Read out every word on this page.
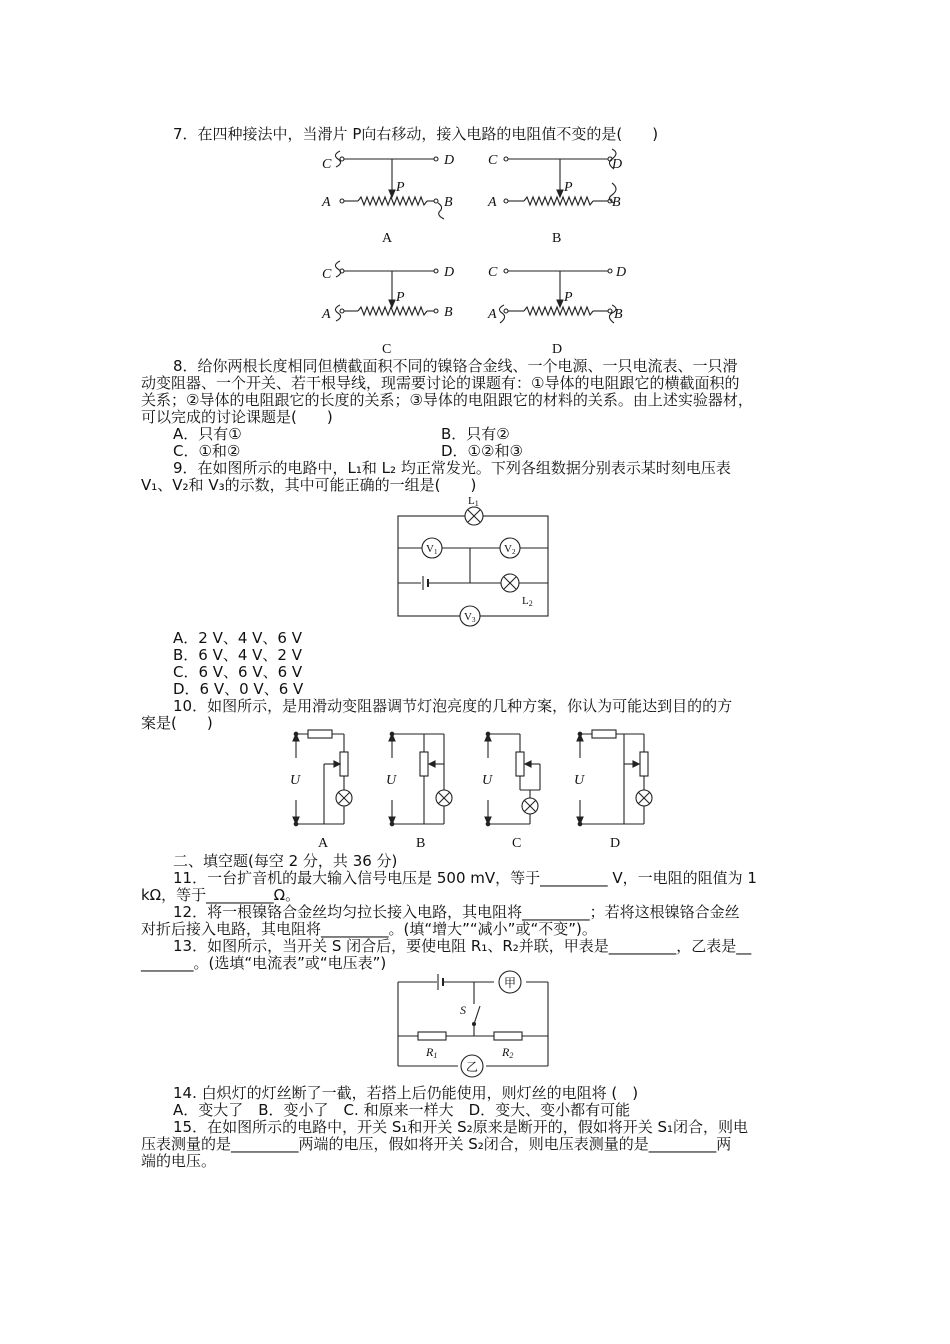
7．在四种接法中，当滑片 P向右移动，接入电路的电阻值不变的是(　　)
C	D
P
A	B
A
C	D
P
A	B
B
C	D
P
A	B
C
C	D
P
A	B
D
8．给你两根长度相同但横截面积不同的镍铬合金线、一个电源、一只电流表、一只滑
动变阻器、一个开关、若干根导线，现需要讨论的课题有：①导体的电阻跟它的横截面积的
关系；②导体的电阻跟它的长度的关系；③导体的电阻跟它的材料的关系。由上述实验器材，
可以完成的讨论课题是(　　)
A．只有①	B．只有②
C．①和②	D．①②和③
9．在如图所示的电路中，L₁和 L₂ 均正常发光。下列各组数据分别表示某时刻电压表
V₁、V₂和 V₃的示数，其中可能正确的一组是(　　)
L1
V1	V2
L2
V3
A．2 V、4 V、6 V
B．6 V、4 V、2 V
C．6 V、6 V、6 V
D．6 V、0 V、6 V
10．如图所示，是用滑动变阻器调节灯泡亮度的几种方案，你认为可能达到目的的方
案是(　　)
U	U	U	U
A	B	C	D
二、填空题(每空 2 分，共 36 分)
11．一台扩音机的最大输入信号电压是 500 mV，等于_________ V，一电阻的阻值为 1
kΩ，等于_________Ω。
12．将一根镍铬合金丝均匀拉长接入电路，其电阻将_________；若将这根镍铬合金丝
对折后接入电路，其电阻将_________。(填“增大”“减小”或“不变”)。
13．如图所示，当开关 S 闭合后，要使电阻 R₁、R₂并联，甲表是_________，乙表是__
_______。(选填“电流表”或“电压表”)
甲
乙
S
R1	R2
14. 白炽灯的灯丝断了一截，若搭上后仍能使用，则灯丝的电阻将 (　)
A．变大了　B．变小了　C. 和原来一样大　D．变大、变小都有可能
15．在如图所示的电路中，开关 S₁和开关 S₂原来是断开的，假如将开关 S₁闭合，则电
压表测量的是_________两端的电压，假如将开关 S₂闭合，则电压表测量的是_________两
端的电压。
